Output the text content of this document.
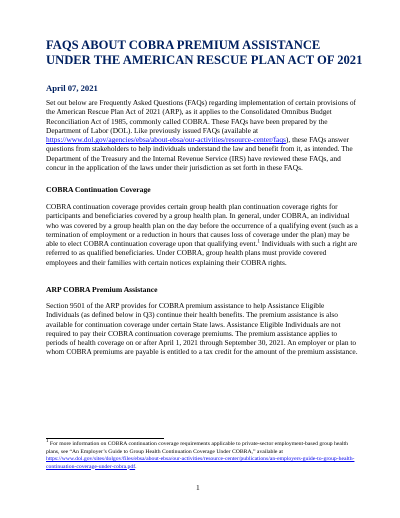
FAQS ABOUT COBRA PREMIUM ASSISTANCE UNDER THE AMERICAN RESCUE PLAN ACT OF 2021
April 07, 2021

Set out below are Frequently Asked Questions (FAQs) regarding implementation of certain provisions of the American Rescue Plan Act of 2021 (ARP), as it applies to the Consolidated Omnibus Budget Reconciliation Act of 1985, commonly called COBRA. These FAQs have been prepared by the Department of Labor (DOL). Like previously issued FAQs (available at https://www.dol.gov/agencies/ebsa/about-ebsa/our-activities/resource-center/faqs), these FAQs answer questions from stakeholders to help individuals understand the law and benefit from it, as intended. The Department of the Treasury and the Internal Revenue Service (IRS) have reviewed these FAQs, and concur in the application of the laws under their jurisdiction as set forth in these FAQs.

COBRA Continuation Coverage

COBRA continuation coverage provides certain group health plan continuation coverage rights for participants and beneficiaries covered by a group health plan. In general, under COBRA, an individual who was covered by a group health plan on the day before the occurrence of a qualifying event (such as a termination of employment or a reduction in hours that causes loss of coverage under the plan) may be able to elect COBRA continuation coverage upon that qualifying event.$^1$ Individuals with such a right are referred to as qualified beneficiaries. Under COBRA, group health plans must provide covered employees and their families with certain notices explaining their COBRA rights.

ARP COBRA Premium Assistance

Section 9501 of the ARP provides for COBRA premium assistance to help Assistance Eligible Individuals (as defined below in Q3) continue their health benefits. The premium assistance is also available for continuation coverage under certain State laws. Assistance Eligible Individuals are not required to pay their COBRA continuation coverage premiums. The premium assistance applies to periods of health coverage on or after April 1, 2021 through September 30, 2021. An employer or plan to whom COBRA premiums are payable is entitled to a tax credit for the amount of the premium assistance.

$^1$ For more information on COBRA continuation coverage requirements applicable to private-sector employment-based group health plans, see “An Employer’s Guide to Group Health Continuation Coverage Under COBRA,” available at https://www.dol.gov/sites/dolgov/files/ebsa/about-ebsa/our-activities/resource-center/publications/an-employers-guide-to-group-health-continuation-coverage-under-cobra.pdf.

1
